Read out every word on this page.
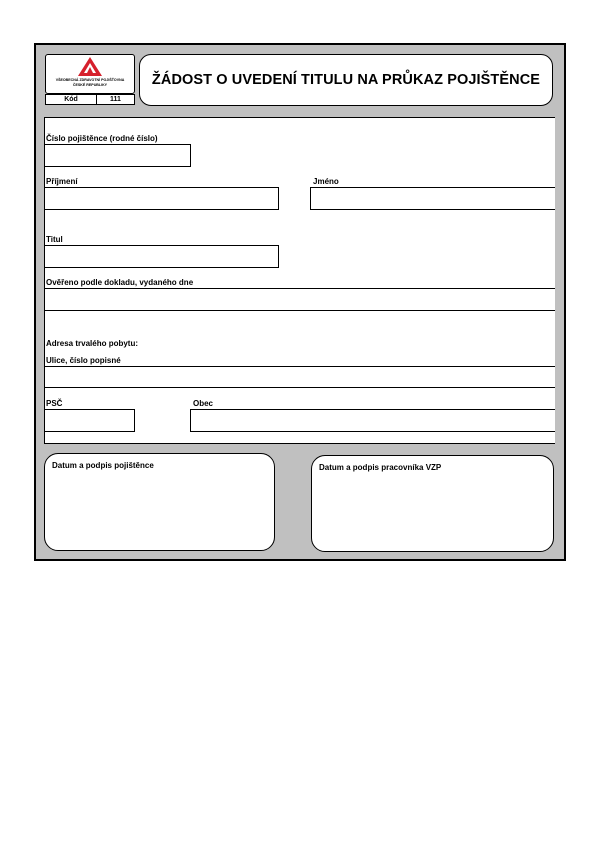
VŠEOBECNÁ ZDRAVOTNÍ POJIŠŤOVNA
ČESKÉ REPUBLIKY
Kód	111
ŽÁDOST O UVEDENÍ TITULU NA PRŮKAZ POJIŠTĚNCE
Číslo pojištěnce (rodné číslo)
Příjmení	Jméno
Titul
Ověřeno podle dokladu, vydaného dne
Adresa trvalého pobytu:
Ulice, číslo popisné
PSČ	Obec
Datum a podpis pojištěnce	Datum a podpis pracovníka VZP
